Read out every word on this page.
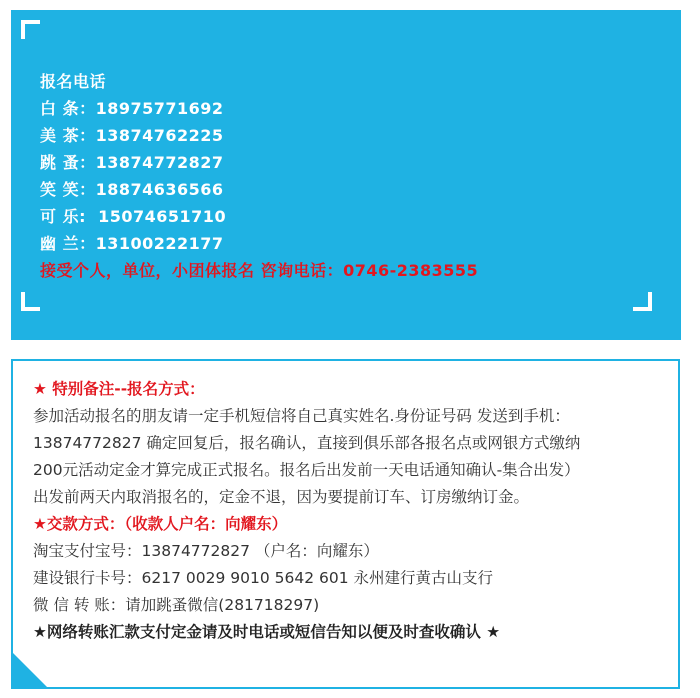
报名电话
白 条：18975771692
美 茶：13874762225
跳 蚤：13874772827
笑 笑：18874636566
可 乐:  15074651710
幽 兰：13100222177
接受个人，单位，小团体报名 咨询电话：0746-2383555
★ 特别备注--报名方式：
参加活动报名的朋友请一定手机短信将自己真实姓名.身份证号码 发送到手机：
13874772827 确定回复后，报名确认，直接到俱乐部各报名点或网银方式缴纳
200元活动定金才算完成正式报名。报名后出发前一天电话通知确认-集合出发）
出发前两天内取消报名的，定金不退，因为要提前订车、订房缴纳订金。
★交款方式：（收款人户名：向耀东）
淘宝支付宝号：13874772827 （户名：向耀东）
建设银行卡号：6217 0029 9010 5642 601 永州建行黄古山支行
微 信 转 账：请加跳蚤微信(281718297)
★网络转账汇款支付定金请及时电话或短信告知以便及时查收确认 ★
